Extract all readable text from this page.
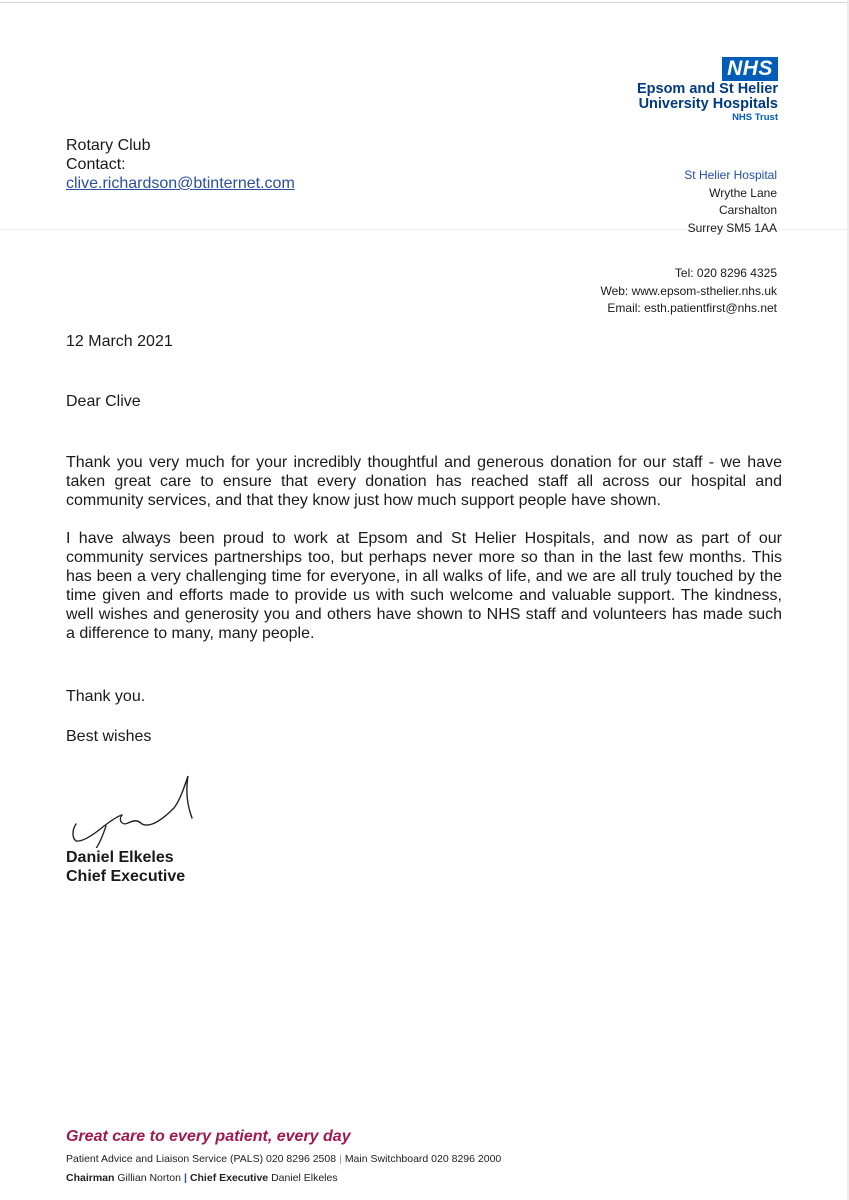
NHS
Epsom and St Helier
University Hospitals
NHS Trust
Rotary Club
Contact:
clive.richardson@btinternet.com	St Helier Hospital
Wrythe Lane
Carshalton
Surrey SM5 1AA
Tel: 020 8296 4325
Web: www.epsom-sthelier.nhs.uk
Email: esth.patientfirst@nhs.net
12 March 2021
Dear Clive
Thank you very much for your incredibly thoughtful and generous donation for our staff - we have taken great care to ensure that every donation has reached staff all across our hospital and community services, and that they know just how much support people have shown.
I have always been proud to work at Epsom and St Helier Hospitals, and now as part of our community services partnerships too, but perhaps never more so than in the last few months. This has been a very challenging time for everyone, in all walks of life, and we are all truly touched by the time given and efforts made to provide us with such welcome and valuable support. The kindness, well wishes and generosity you and others have shown to NHS staff and volunteers has made such a difference to many, many people.
Thank you.
Best wishes
Daniel Elkeles
Chief Executive
Great care to every patient, every day
Patient Advice and Liaison Service (PALS) 020 8296 2508 | Main Switchboard 020 8296 2000
Chairman Gillian Norton | Chief Executive Daniel Elkeles
